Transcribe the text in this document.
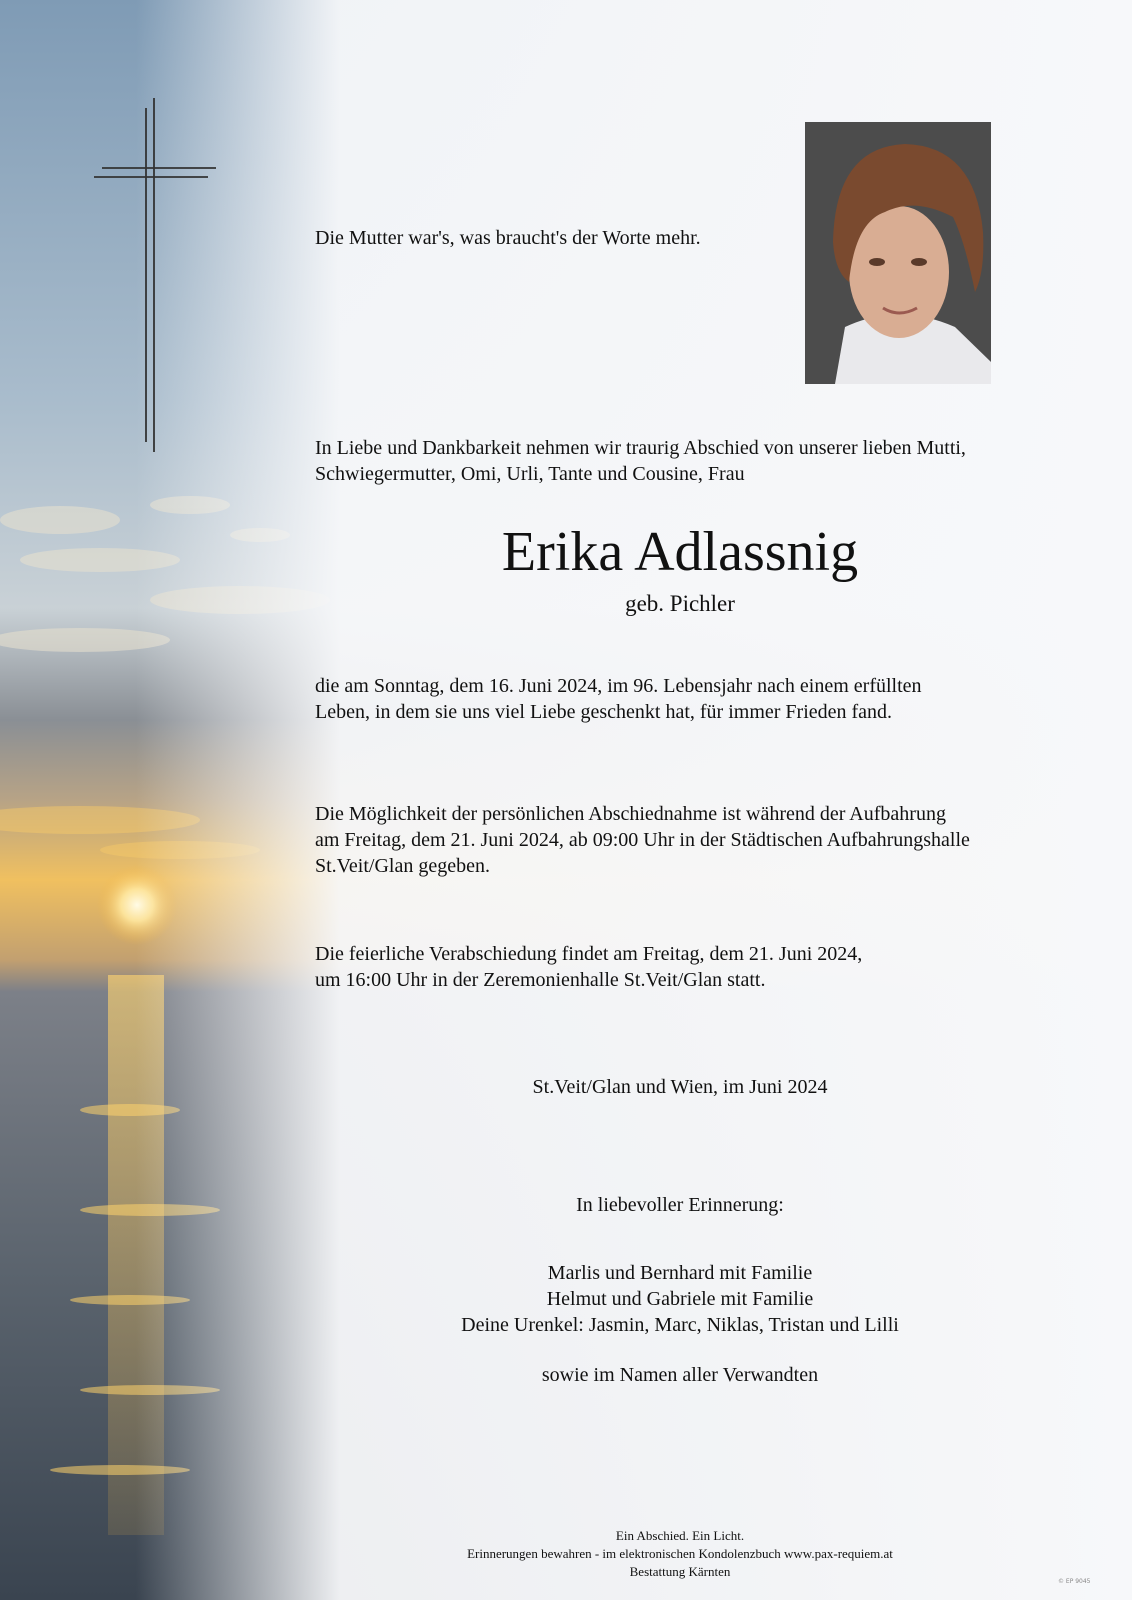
Die Mutter war's, was braucht's der Worte mehr.
In Liebe und Dankbarkeit nehmen wir traurig Abschied von unserer lieben Mutti,
Schwiegermutter, Omi, Urli, Tante und Cousine, Frau
Erika Adlassnig
geb. Pichler
die am Sonntag, dem 16. Juni 2024, im 96. Lebensjahr nach einem erfüllten
Leben, in dem sie uns viel Liebe geschenkt hat, für immer Frieden fand.
Die Möglichkeit der persönlichen Abschiednahme ist während der Aufbahrung
am Freitag, dem 21. Juni 2024, ab 09:00 Uhr in der Städtischen Aufbahrungshalle
St.Veit/Glan gegeben.
Die feierliche Verabschiedung findet am Freitag, dem 21. Juni 2024,
um 16:00 Uhr in der Zeremonienhalle St.Veit/Glan statt.
St.Veit/Glan und Wien, im Juni 2024
In liebevoller Erinnerung:
Marlis und Bernhard mit Familie
Helmut und Gabriele mit Familie
Deine Urenkel: Jasmin, Marc, Niklas, Tristan und Lilli
sowie im Namen aller Verwandten
Ein Abschied. Ein Licht.
Erinnerungen bewahren - im elektronischen Kondolenzbuch www.pax-requiem.at
Bestattung Kärnten
© EP 9045
